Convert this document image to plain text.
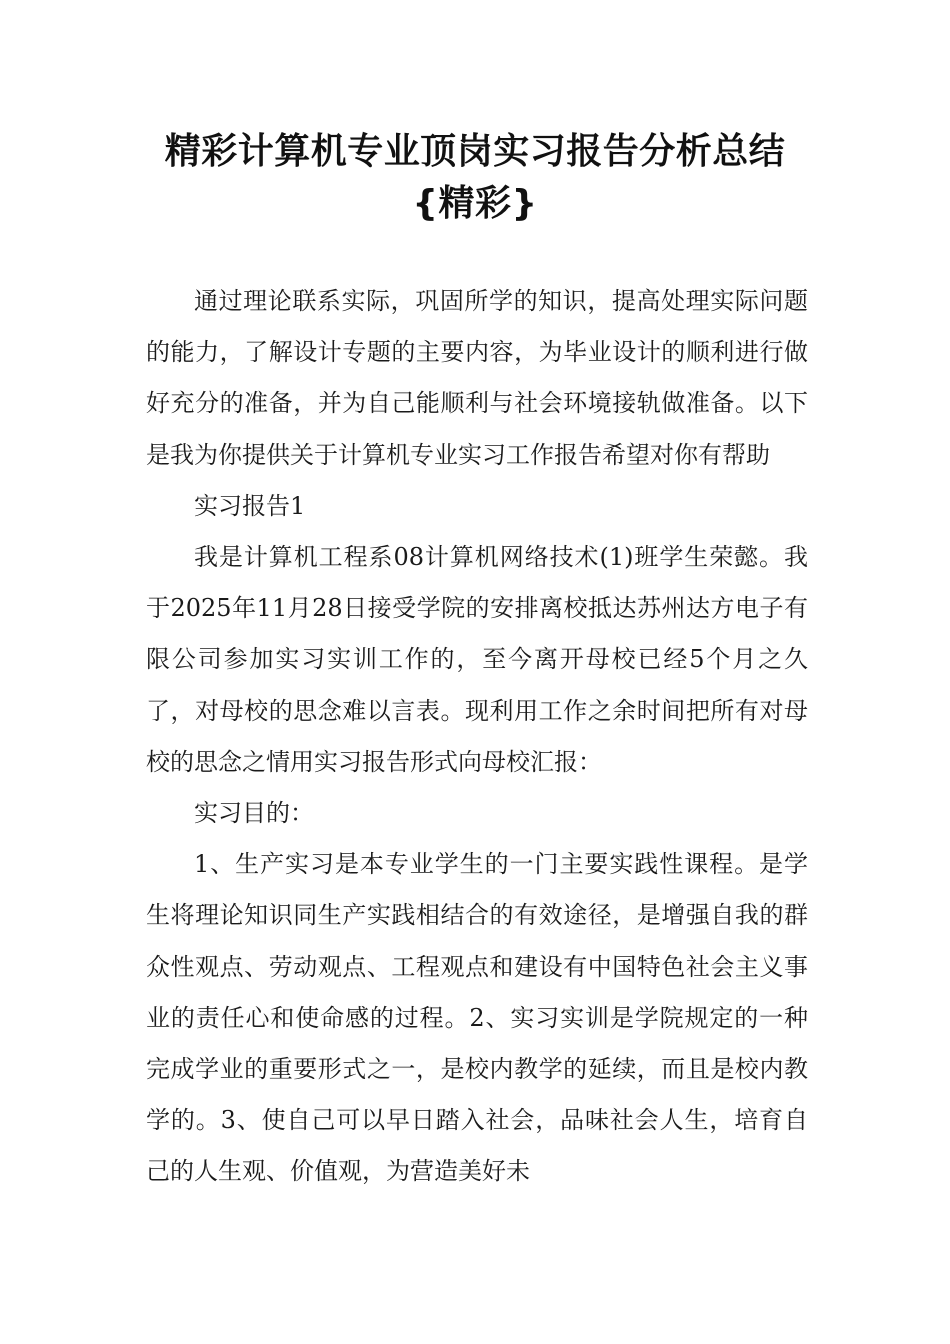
精彩计算机专业顶岗实习报告分析总结
{精彩}

通过理论联系实际，巩固所学的知识，提高处理实际问题的能力，了解设计专题的主要内容，为毕业设计的顺利进行做好充分的准备，并为自己能顺利与社会环境接轨做准备。以下是我为你提供关于计算机专业实习工作报告希望对你有帮助

实习报告1

我是计算机工程系08计算机网络技术(1)班学生荣懿。我于2025年11月28日接受学院的安排离校抵达苏州达方电子有限公司参加实习实训工作的，至今离开母校已经5个月之久了，对母校的思念难以言表。现利用工作之余时间把所有对母校的思念之情用实习报告形式向母校汇报：

实习目的：

1、生产实习是本专业学生的一门主要实践性课程。是学生将理论知识同生产实践相结合的有效途径，是增强自我的群众性观点、劳动观点、工程观点和建设有中国特色社会主义事业的责任心和使命感的过程。2、实习实训是学院规定的一种完成学业的重要形式之一，是校内教学的延续，而且是校内教学的。3、使自己可以早日踏入社会，品味社会人生，培育自己的人生观、价值观，为营造美好未
